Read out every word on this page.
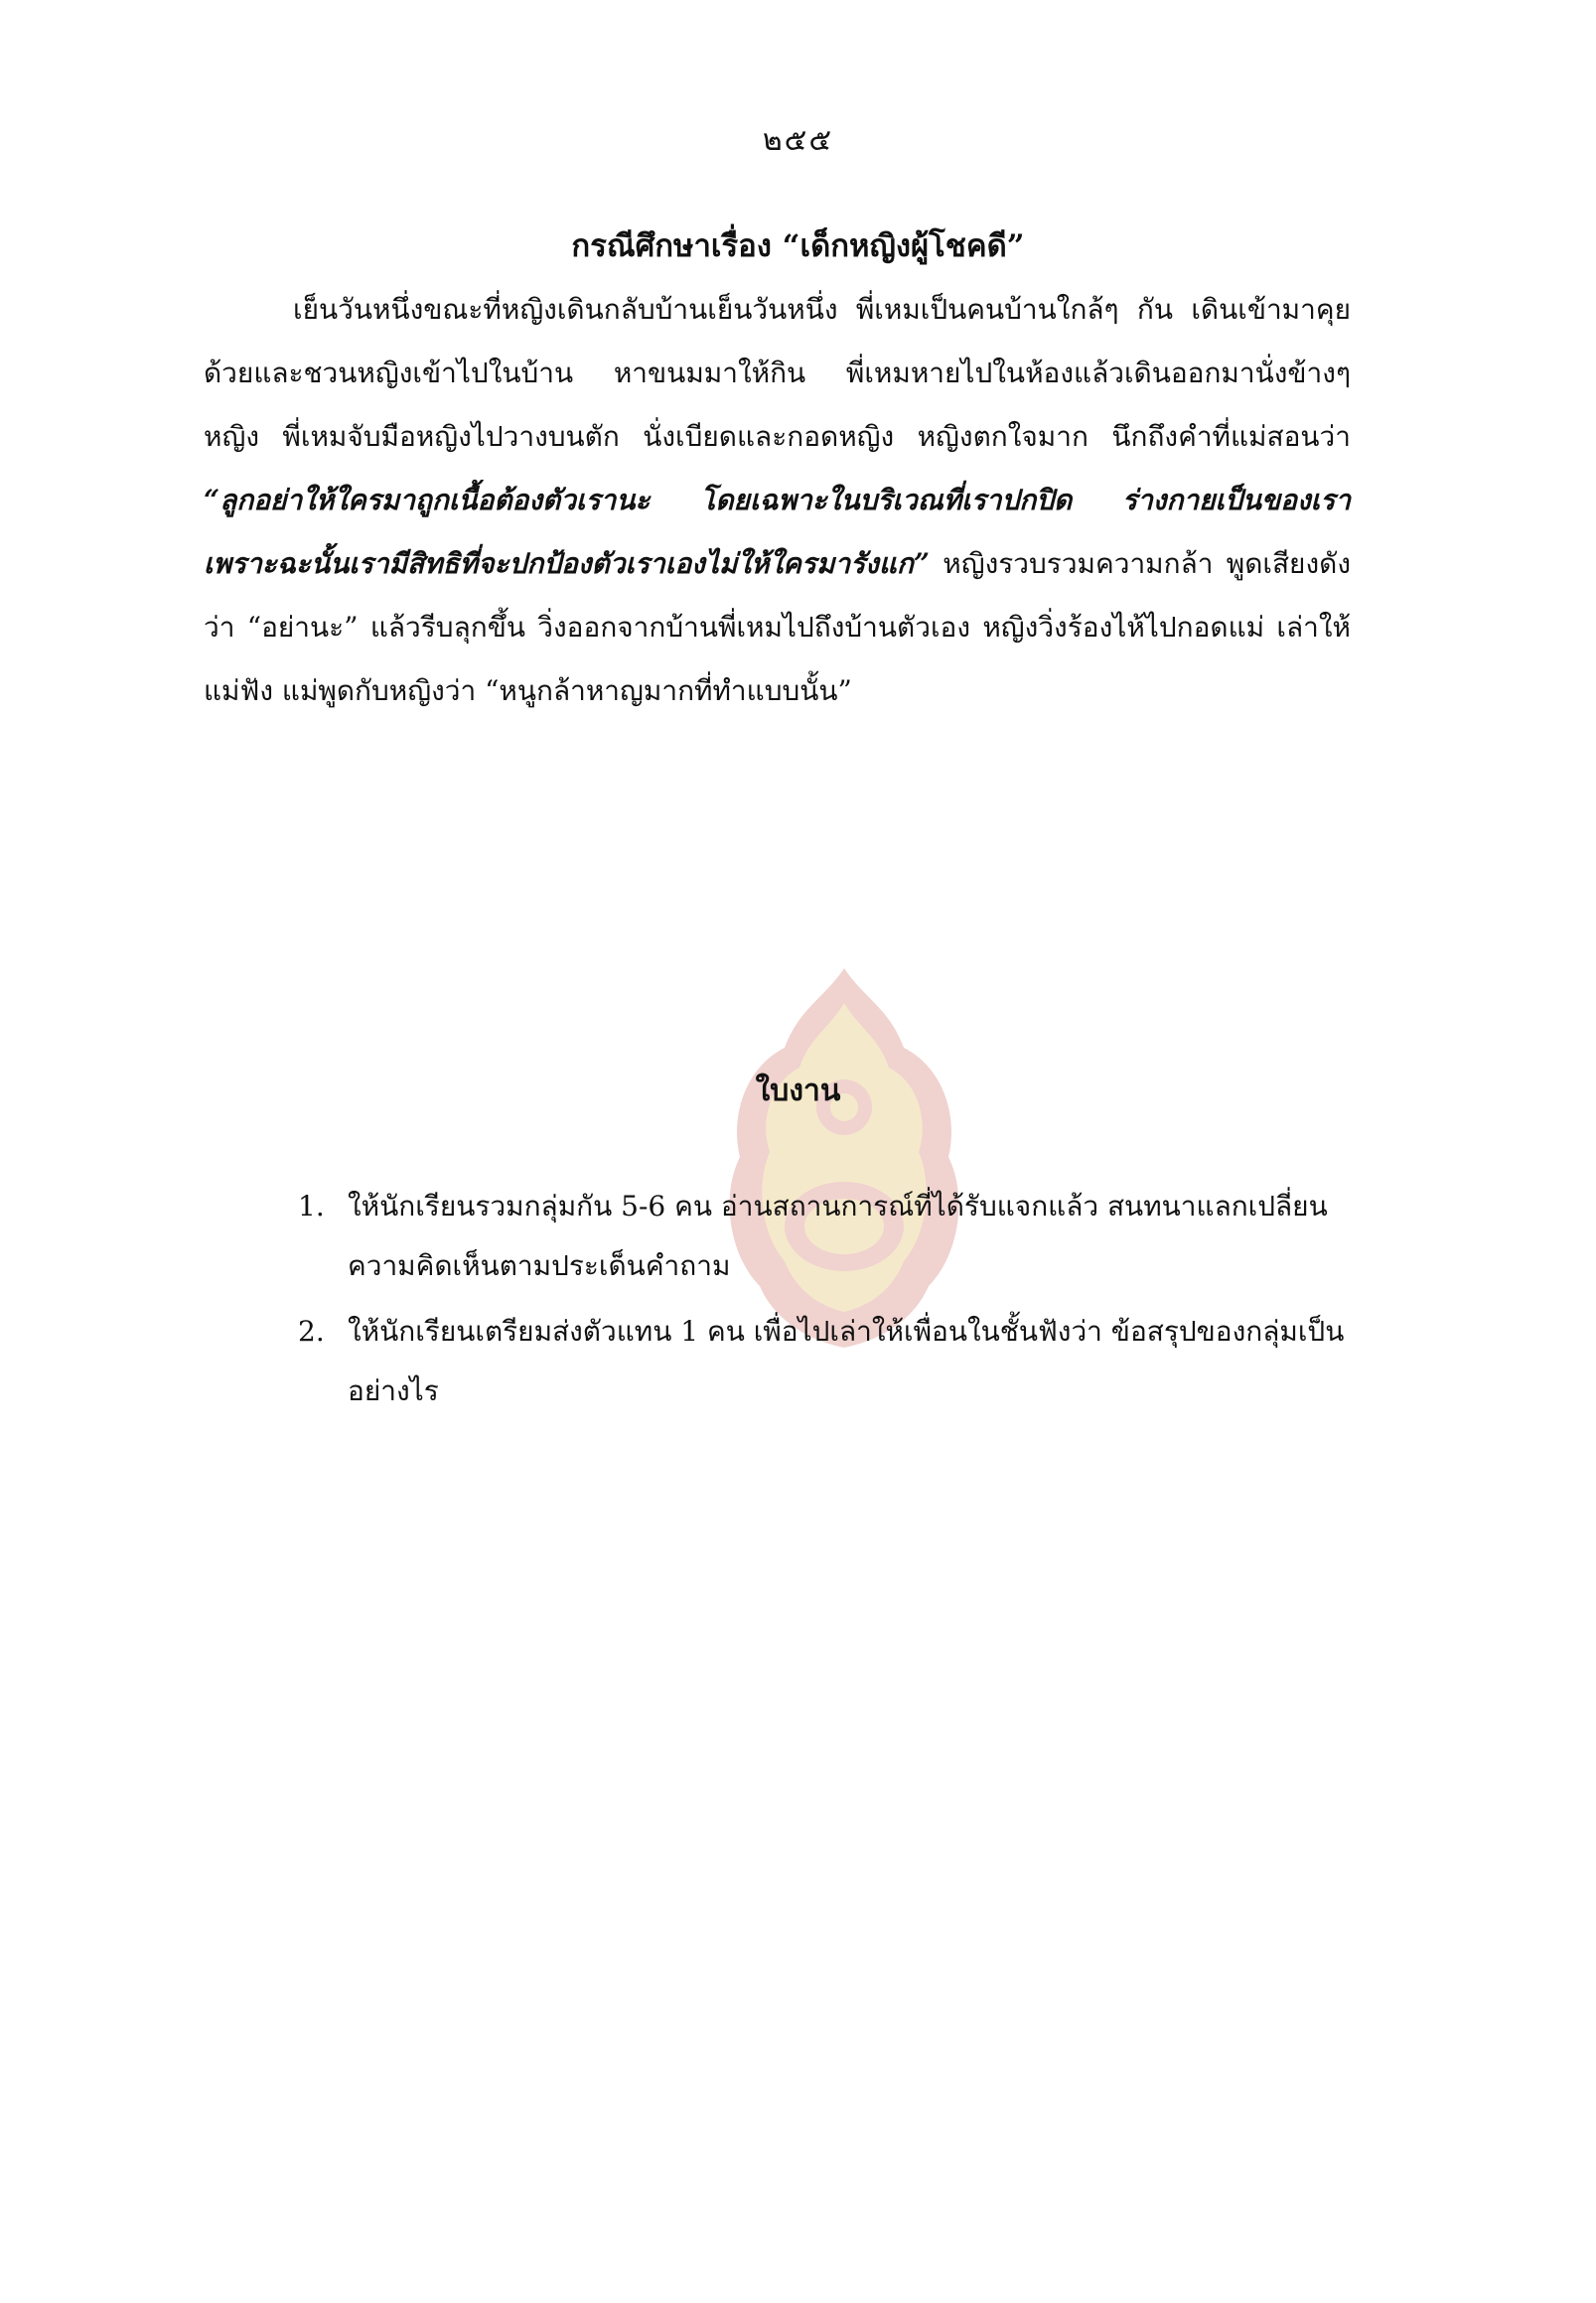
๒๕๕
กรณีศึกษาเรื่อง “เด็กหญิงผู้โชคดี”
เย็นวันหนึ่งขณะที่หญิงเดินกลับบ้านเย็นวันหนึ่ง พี่เหมเป็นคนบ้านใกล้ๆ กัน เดินเข้ามาคุยด้วยและชวนหญิงเข้าไปในบ้าน หาขนมมาให้กิน พี่เหมหายไปในห้องแล้วเดินออกมานั่งข้างๆ หญิง พี่เหมจับมือหญิงไปวางบนตัก นั่งเบียดและกอดหญิง หญิงตกใจมาก นึกถึงคำที่แม่สอนว่า “ลูกอย่าให้ใครมาถูกเนื้อต้องตัวเรานะ โดยเฉพาะในบริเวณที่เราปกปิด ร่างกายเป็นของเรา เพราะฉะนั้นเรามีสิทธิที่จะปกป้องตัวเราเองไม่ให้ใครมารังแก” หญิงรวบรวมความกล้า พูดเสียงดังว่า “อย่านะ” แล้วรีบลุกขึ้น วิ่งออกจากบ้านพี่เหมไปถึงบ้านตัวเอง หญิงวิ่งร้องไห้ไปกอดแม่ เล่าให้แม่ฟัง แม่พูดกับหญิงว่า “หนูกล้าหาญมากที่ทำแบบนั้น”
ใบงาน
1. ให้นักเรียนรวมกลุ่มกัน 5-6 คน อ่านสถานการณ์ที่ได้รับแจกแล้ว สนทนาแลกเปลี่ยนความคิดเห็นตามประเด็นคำถาม
2. ให้นักเรียนเตรียมส่งตัวแทน 1 คน เพื่อไปเล่าให้เพื่อนในชั้นฟังว่า ข้อสรุปของกลุ่มเป็นอย่างไร
